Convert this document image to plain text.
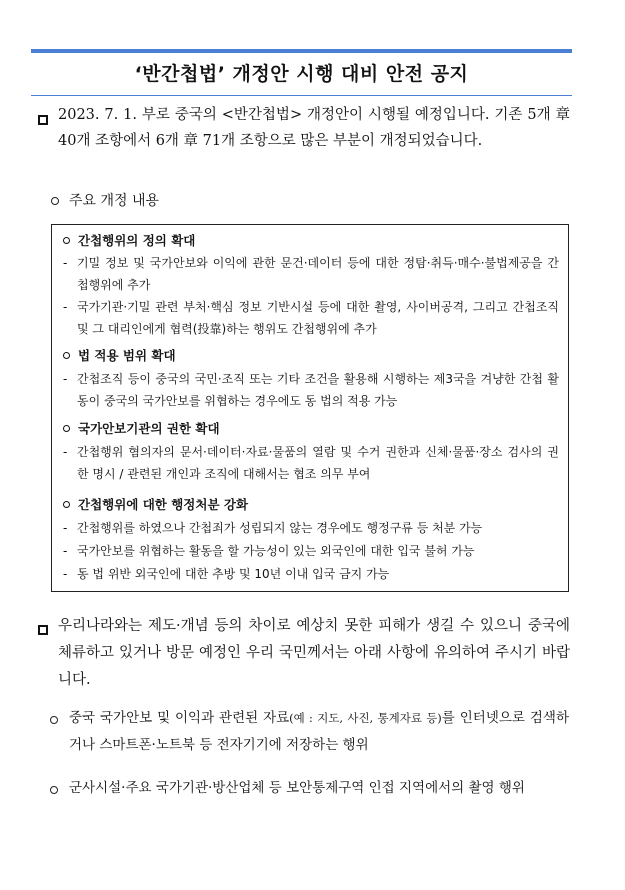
‘반간첩법’ 개정안 시행 대비 안전 공지
2023. 7. 1. 부로 중국의 <반간첩법> 개정안이 시행될 예정입니다. 기존 5개 章 40개 조항에서 6개 章 71개 조항으로 많은 부분이 개정되었습니다.
주요 개정 내용
간첩행위의 정의 확대
- 기밀 정보 및 국가안보와 이익에 관한 문건·데이터 등에 대한 정탐·취득·매수·불법제공을 간첩행위에 추가
- 국가기관·기밀 관련 부처·핵심 정보 기반시설 등에 대한 촬영, 사이버공격, 그리고 간첩조직 및 그 대리인에게 협력(投靠)하는 행위도 간첩행위에 추가
법 적용 범위 확대
- 간첩조직 등이 중국의 국민·조직 또는 기타 조건을 활용해 시행하는 제3국을 겨냥한 간첩 활동이 중국의 국가안보를 위협하는 경우에도 동 법의 적용 가능
국가안보기관의 권한 확대
- 간첩행위 혐의자의 문서·데이터·자료·물품의 열람 및 수거 권한과 신체·물품·장소 검사의 권한 명시 / 관련된 개인과 조직에 대해서는 협조 의무 부여
간첩행위에 대한 행정처분 강화
- 간첩행위를 하였으나 간첩죄가 성립되지 않는 경우에도 행정구류 등 처분 가능
- 국가안보를 위협하는 활동을 할 가능성이 있는 외국인에 대한 입국 불허 가능
- 동 법 위반 외국인에 대한 추방 및 10년 이내 입국 금지 가능
우리나라와는 제도·개념 등의 차이로 예상치 못한 피해가 생길 수 있으니 중국에 체류하고 있거나 방문 예정인 우리 국민께서는 아래 사항에 유의하여 주시기 바랍니다.
중국 국가안보 및 이익과 관련된 자료(예 : 지도, 사진, 통계자료 등)를 인터넷으로 검색하거나 스마트폰·노트북 등 전자기기에 저장하는 행위
군사시설·주요 국가기관·방산업체 등 보안통제구역 인접 지역에서의 촬영 행위
